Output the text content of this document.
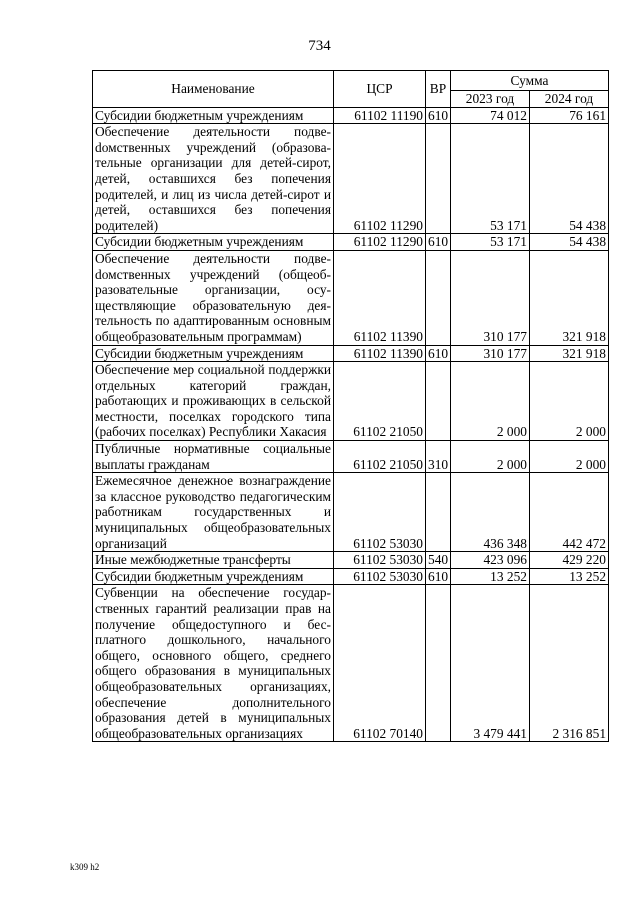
734
Наименование	ЦСР	ВР	Сумма	
			2023 год	2024 год
Субсидии бюджетным учреждениям	61102 11190	610	74 012	76 161
Обеспечение деятельности подвеdомственных учреждений (образовательные организации для детей-сирот, детей, оставшихся без попечения родителей, и лиц из числа детей-сирот и детей, оставшихся без попечения родителей)	61102 11290		53 171	54 438
Субсидии бюджетным учреждениям	61102 11290	610	53 171	54 438
Обеспечение деятельности подвеdомственных учреждений (общеобразовательные организации, осуществляющие образовательную деятельность по адаптированным основным общеобразовательным программам)	61102 11390		310 177	321 918
Субсидии бюджетным учреждениям	61102 11390	610	310 177	321 918
Обеспечение мер социальной поддержки отдельных категорий граждан, работающих и проживающих в сельской местности, поселках городского типа (рабочих поселках) Республики Хакасия	61102 21050		2 000	2 000
Публичные нормативные социальные выплаты гражданам	61102 21050	310	2 000	2 000
Ежемесячное денежное вознаграждение за классное руководство педагогическим работникам государственных и муниципальных общеобразовательных организаций	61102 53030		436 348	442 472
Иные межбюджетные трансферты	61102 53030	540	423 096	429 220
Субсидии бюджетным учреждениям	61102 53030	610	13 252	13 252
Субвенции на обеспечение государственных гарантий реализации прав на получение общедоступного и бесплатного дошкольного, начального общего, основного общего, среднего общего образования в муниципальных общеобразовательных организациях, обеспечение дополнительного образования детей в муниципальных общеобразовательных организациях	61102 70140		3 479 441	2 316 851
k309 h2
